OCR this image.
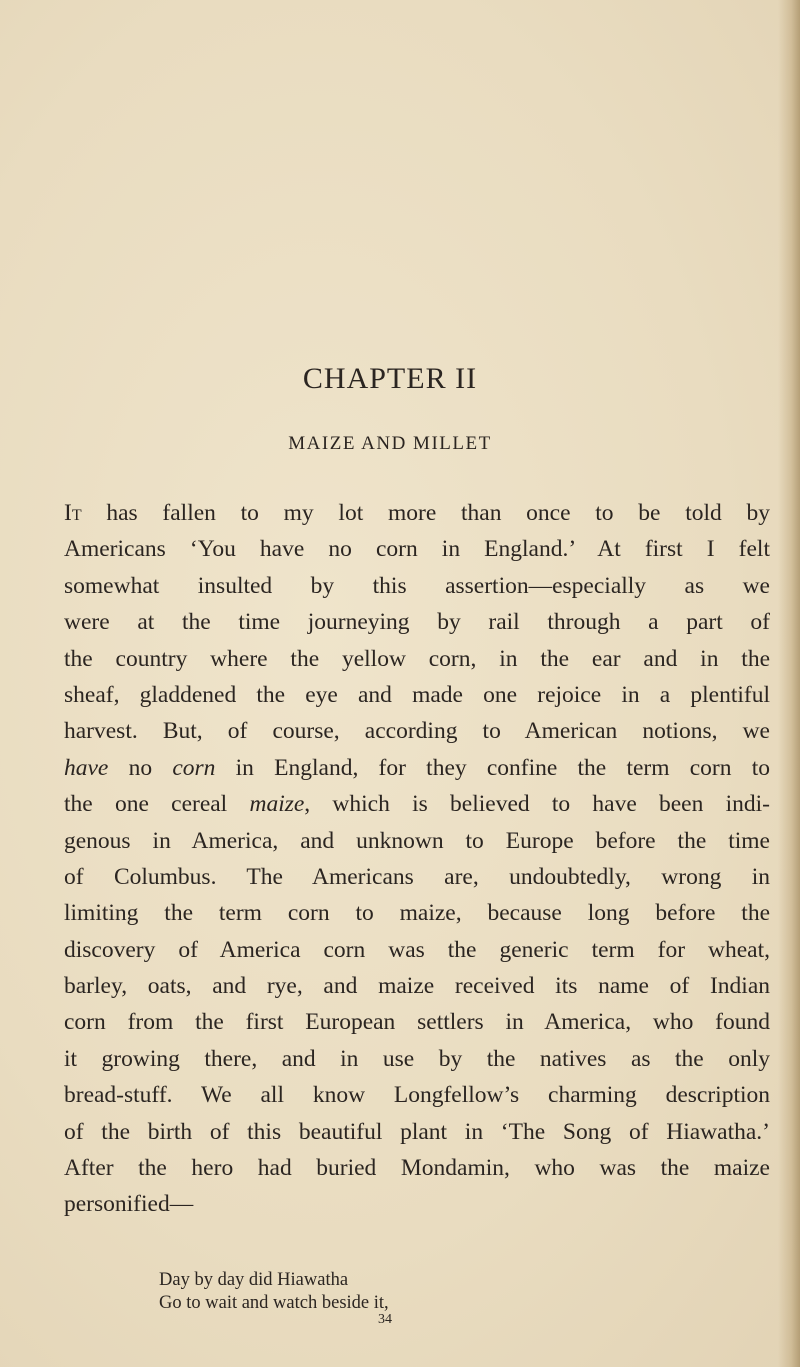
CHAPTER II
MAIZE AND MILLET
It has fallen to my lot more than once to be told by
Americans ‘You have no corn in England.’ At first I felt
somewhat insulted by this assertion—especially as we
were at the time journeying by rail through a part of
the country where the yellow corn, in the ear and in the
sheaf, gladdened the eye and made one rejoice in a plentiful
harvest. But, of course, according to American notions, we
have no corn in England, for they confine the term corn to
the one cereal maize, which is believed to have been indi-
genous in America, and unknown to Europe before the time
of Columbus. The Americans are, undoubtedly, wrong in
limiting the term corn to maize, because long before the
discovery of America corn was the generic term for wheat,
barley, oats, and rye, and maize received its name of Indian
corn from the first European settlers in America, who found
it growing there, and in use by the natives as the only
bread-stuff. We all know Longfellow’s charming description
of the birth of this beautiful plant in ‘The Song of Hiawatha.’
After the hero had buried Mondamin, who was the maize
personified—
Day by day did Hiawatha
Go to wait and watch beside it,
34
